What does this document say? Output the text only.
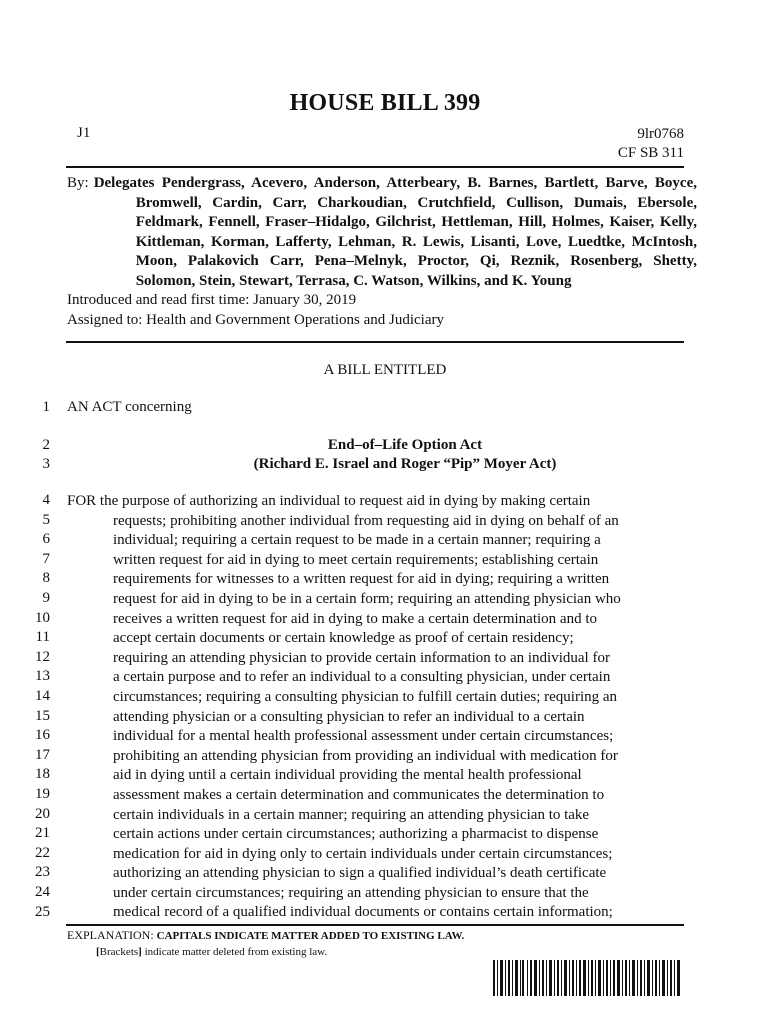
HOUSE BILL 399
J1	9lr0768
CF SB 311
By: Delegates Pendergrass, Acevero, Anderson, Atterbeary, B. Barnes, Bartlett, Barve, Boyce, Bromwell, Cardin, Carr, Charkoudian, Crutchfield, Cullison, Dumais, Ebersole, Feldmark, Fennell, Fraser–Hidalgo, Gilchrist, Hettleman, Hill, Holmes, Kaiser, Kelly, Kittleman, Korman, Lafferty, Lehman, R. Lewis, Lisanti, Love, Luedtke, McIntosh, Moon, Palakovich Carr, Pena–Melnyk, Proctor, Qi, Reznik, Rosenberg, Shetty, Solomon, Stein, Stewart, Terrasa, C. Watson, Wilkins, and K. Young
Introduced and read first time: January 30, 2019
Assigned to: Health and Government Operations and Judiciary
A BILL ENTITLED
1 AN ACT concerning
2	End–of–Life Option Act
3	(Richard E. Israel and Roger “Pip” Moyer Act)
4
5
6
7
8
9
10
11
12
13
14
15
16
17
18
19
20
21
22
23
24
25
FOR the purpose of authorizing an individual to request aid in dying by making certain
requests; prohibiting another individual from requesting aid in dying on behalf of an
individual; requiring a certain request to be made in a certain manner; requiring a
written request for aid in dying to meet certain requirements; establishing certain
requirements for witnesses to a written request for aid in dying; requiring a written
request for aid in dying to be in a certain form; requiring an attending physician who
receives a written request for aid in dying to make a certain determination and to
accept certain documents or certain knowledge as proof of certain residency;
requiring an attending physician to provide certain information to an individual for
a certain purpose and to refer an individual to a consulting physician, under certain
circumstances; requiring a consulting physician to fulfill certain duties; requiring an
attending physician or a consulting physician to refer an individual to a certain
individual for a mental health professional assessment under certain circumstances;
prohibiting an attending physician from providing an individual with medication for
aid in dying until a certain individual providing the mental health professional
assessment makes a certain determination and communicates the determination to
certain individuals in a certain manner; requiring an attending physician to take
certain actions under certain circumstances; authorizing a pharmacist to dispense
medication for aid in dying only to certain individuals under certain circumstances;
authorizing an attending physician to sign a qualified individual’s death certificate
under certain circumstances; requiring an attending physician to ensure that the
medical record of a qualified individual documents or contains certain information;
EXPLANATION: CAPITALS INDICATE MATTER ADDED TO EXISTING LAW.
[Brackets] indicate matter deleted from existing law.
